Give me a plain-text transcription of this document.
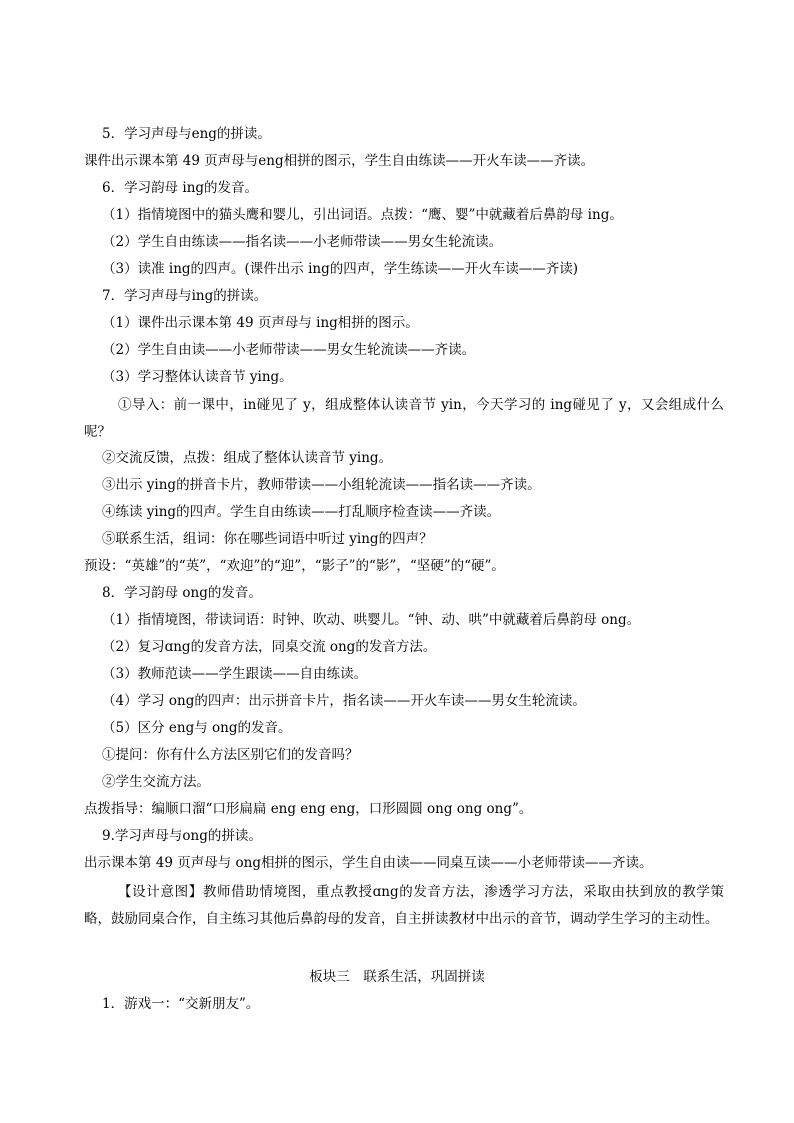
5．学习声母与eng的拼读。
课件出示课本第 49 页声母与eng相拼的图示，学生自由练读——开火车读——齐读。
6．学习韵母 ing的发音。
（1）指情境图中的猫头鹰和婴儿，引出词语。点拨：“鹰、婴”中就藏着后鼻韵母 ing。
（2）学生自由练读——指名读——小老师带读——男女生轮流读。
（3）读准 ing的四声。(课件出示 ing的四声，学生练读——开火车读——齐读)
7．学习声母与ing的拼读。
（1）课件出示课本第 49 页声母与 ing相拼的图示。
（2）学生自由读——小老师带读——男女生轮流读——齐读。
（3）学习整体认读音节 ying。
①导入：前一课中，in碰见了 y，组成整体认读音节 yin，今天学习的 ing碰见了 y，又会组成什么呢？
②交流反馈，点拨：组成了整体认读音节 ying。
③出示 ying的拼音卡片，教师带读——小组轮流读——指名读——齐读。
④练读 ying的四声。学生自由练读——打乱顺序检查读——齐读。
⑤联系生活，组词：你在哪些词语中听过 ying的四声？
预设：“英雄”的“英”，“欢迎”的“迎”，“影子”的“影”，“坚硬”的“硬”。
8．学习韵母 ong的发音。
（1）指情境图，带读词语：时钟、吹动、哄婴儿。“钟、动、哄”中就藏着后鼻韵母 ong。
（2）复习ɑng的发音方法，同桌交流 ong的发音方法。
（3）教师范读——学生跟读——自由练读。
（4）学习 ong的四声：出示拼音卡片，指名读——开火车读——男女生轮流读。
（5）区分 eng与 ong的发音。
①提问：你有什么方法区别它们的发音吗？
②学生交流方法。
点拨指导：编顺口溜“口形扁扁 eng eng eng，口形圆圆 ong ong ong”。
9.学习声母与ong的拼读。
出示课本第 49 页声母与 ong相拼的图示，学生自由读——同桌互读——小老师带读——齐读。
【设计意图】教师借助情境图，重点教授ɑng的发音方法，渗透学习方法，采取由扶到放的教学策略，鼓励同桌合作，自主练习其他后鼻韵母的发音，自主拼读教材中出示的音节，调动学生学习的主动性。
板块三　联系生活，巩固拼读
1．游戏一：“交新朋友”。
